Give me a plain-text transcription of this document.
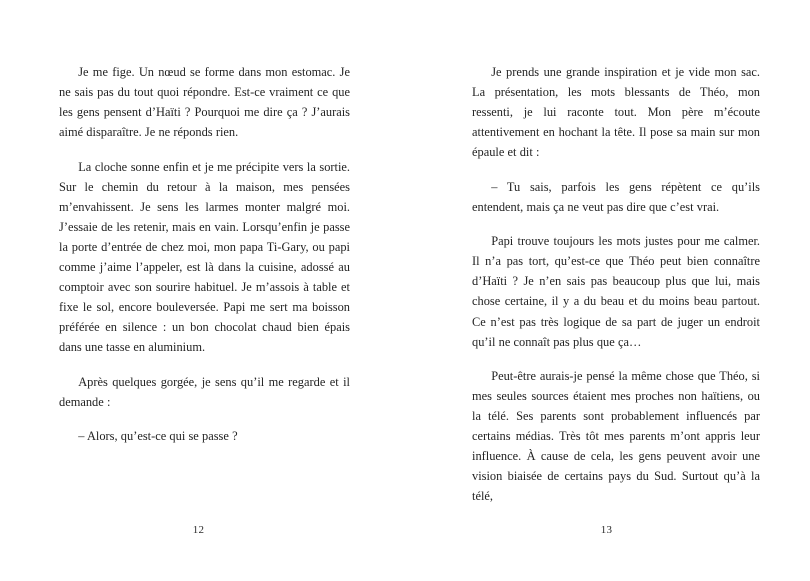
Je me fige. Un nœud se forme dans mon estomac. Je ne sais pas du tout quoi répondre. Est-ce vraiment ce que les gens pensent d’Haïti ? Pourquoi me dire ça ? J’aurais aimé disparaître. Je ne réponds rien.

La cloche sonne enfin et je me précipite vers la sortie. Sur le chemin du retour à la maison, mes pensées m’envahissent. Je sens les larmes monter malgré moi. J’essaie de les retenir, mais en vain. Lorsqu’enfin je passe la porte d’entrée de chez moi, mon papa Ti-Gary, ou papi comme j’aime l’appeler, est là dans la cuisine, adossé au comptoir avec son sourire habituel. Je m’assois à table et fixe le sol, encore bouleversée. Papi me sert ma boisson préférée en silence : un bon chocolat chaud bien épais dans une tasse en aluminium.

Après quelques gorgée, je sens qu’il me regarde et il demande :

– Alors, qu’est-ce qui se passe ?

12

Je prends une grande inspiration et je vide mon sac. La présentation, les mots blessants de Théo, mon ressenti, je lui raconte tout. Mon père m’écoute attentivement en hochant la tête. Il pose sa main sur mon épaule et dit :

– Tu sais, parfois les gens répètent ce qu’ils entendent, mais ça ne veut pas dire que c’est vrai.

Papi trouve toujours les mots justes pour me calmer. Il n’a pas tort, qu’est-ce que Théo peut bien connaître d’Haïti ? Je n’en sais pas beaucoup plus que lui, mais chose certaine, il y a du beau et du moins beau partout. Ce n’est pas très logique de sa part de juger un endroit qu’il ne connaît pas plus que ça…

Peut-être aurais-je pensé la même chose que Théo, si mes seules sources étaient mes proches non haïtiens, ou la télé. Ses parents sont probablement influencés par certains médias. Très tôt mes parents m’ont appris leur influence. À cause de cela, les gens peuvent avoir une vision biaisée de certains pays du Sud. Surtout qu’à la télé,

13
